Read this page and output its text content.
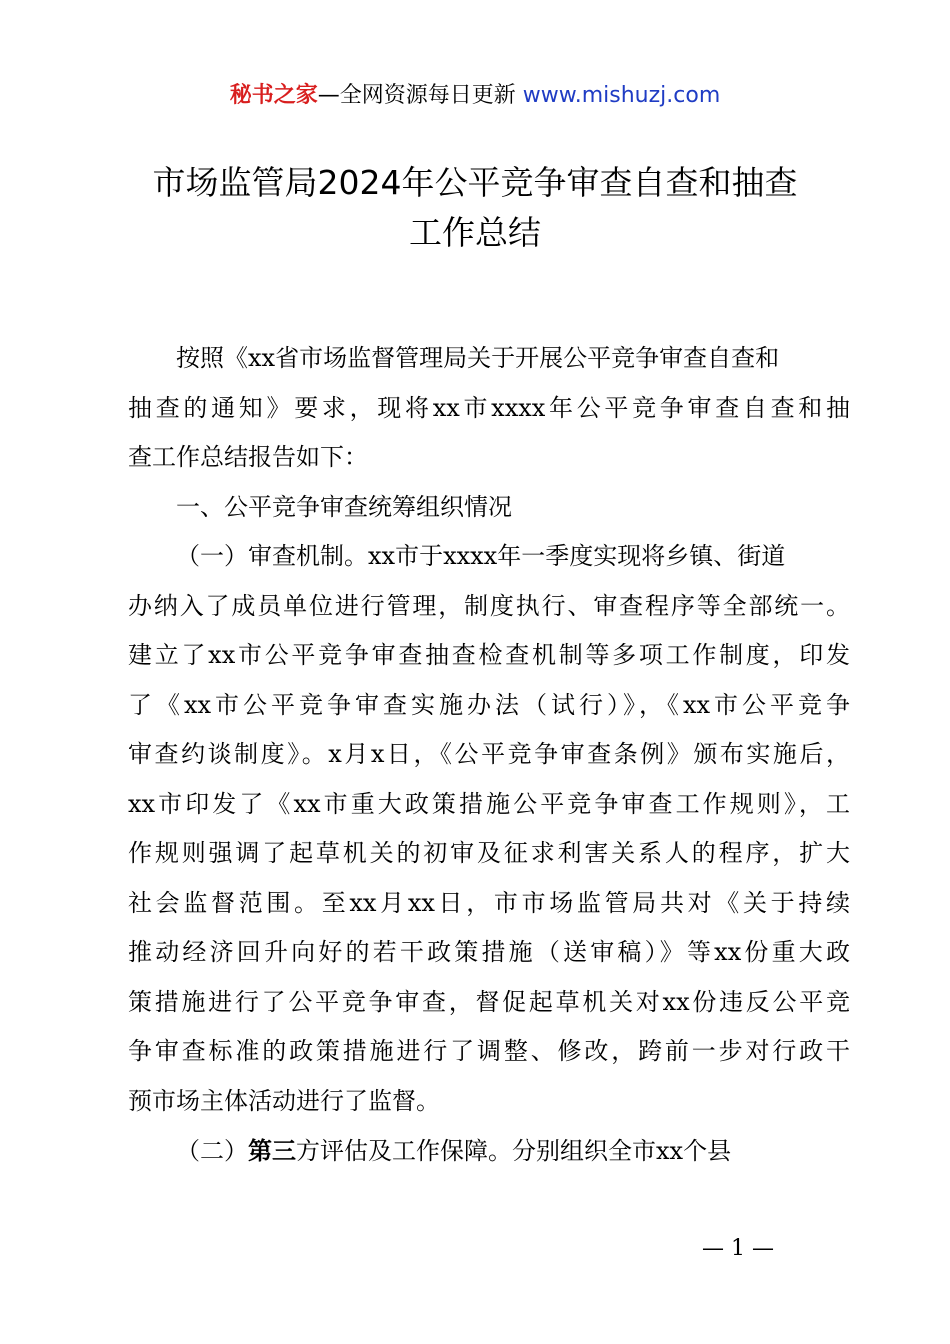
秘书之家—全网资源每日更新 www.mishuzj.com
市场监管局2024年公平竞争审查自查和抽查
工作总结
按照《xx省市场监督管理局关于开展公平竞争审查自查和
抽查的通知》要求，现将xx市xxxx年公平竞争审查自查和抽
查工作总结报告如下：
一、公平竞争审查统筹组织情况
（一）审查机制。xx市于xxxx年一季度实现将乡镇、街道
办纳入了成员单位进行管理，制度执行、审查程序等全部统一。
建立了xx市公平竞争审查抽查检查机制等多项工作制度，印发
了《xx市公平竞争审查实施办法（试行）》，《xx市公平竞争
审查约谈制度》。x月x日，《公平竞争审查条例》颁布实施后，
xx市印发了《xx市重大政策措施公平竞争审查工作规则》，工
作规则强调了起草机关的初审及征求利害关系人的程序，扩大
社会监督范围。至xx月xx日，市市场监管局共对《关于持续
推动经济回升向好的若干政策措施（送审稿）》等xx份重大政
策措施进行了公平竞争审查，督促起草机关对xx份违反公平竞
争审查标准的政策措施进行了调整、修改，跨前一步对行政干
预市场主体活动进行了监督。
（二）第三方评估及工作保障。分别组织全市xx个县
— 1 —
